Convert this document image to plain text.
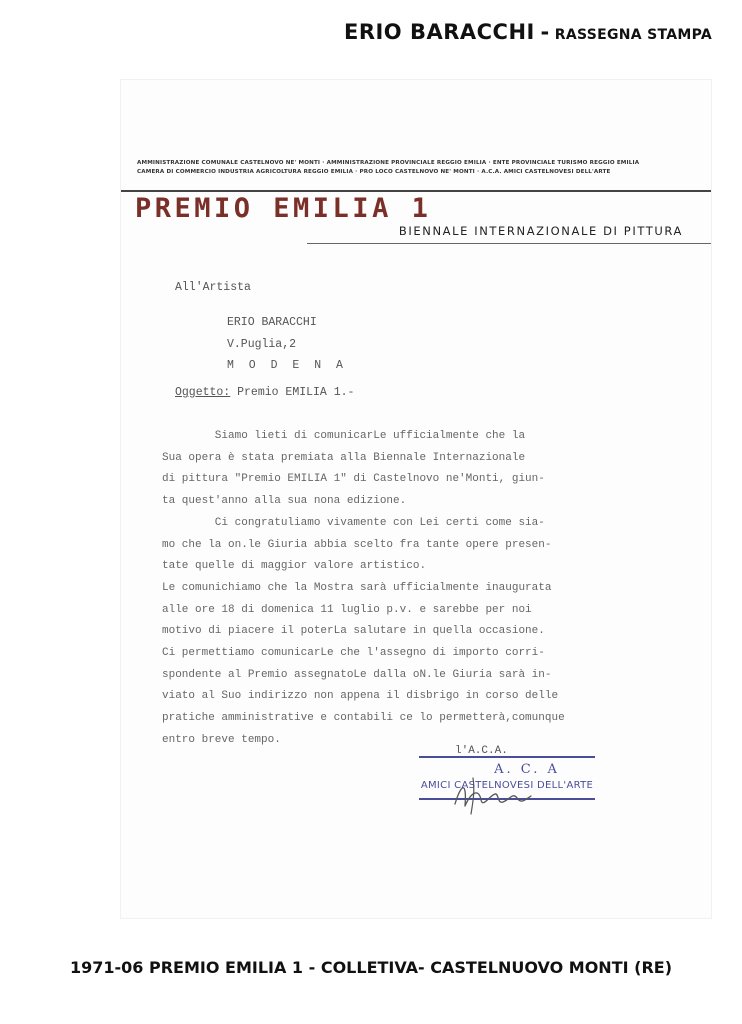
ERIO BARACCHI - RASSEGNA STAMPA
AMMINISTRAZIONE COMUNALE CASTELNOVO NE' MONTI · AMMINISTRAZIONE PROVINCIALE REGGIO EMILIA · ENTE PROVINCIALE TURISMO REGGIO EMILIA
CAMERA DI COMMERCIO INDUSTRIA AGRICOLTURA REGGIO EMILIA · PRO LOCO CASTELNOVO NE' MONTI · A.C.A. AMICI CASTELNOVESI DELL'ARTE
PREMIO EMILIA 1
BIENNALE INTERNAZIONALE DI PITTURA
All'Artista
ERIO BARACCHI
V.Puglia,2
M O D E N A
Oggetto: Premio EMILIA 1.-

Siamo lieti di comunicarLe ufficialmente che la

Sua opera è stata premiata alla Biennale Internazionale

di pittura "Premio EMILIA 1" di Castelnovo ne'Monti, giun-

ta quest'anno alla sua nona edizione.

Ci congratuliamo vivamente con Lei certi come sia-

mo che la on.le Giuria abbia scelto fra tante opere presen-

tate quelle di maggior valore artistico.

Le comunichiamo che la Mostra sarà ufficialmente inaugurata

alle ore 18 di domenica 11 luglio p.v. e sarebbe per noi

motivo di piacere il poterLa salutare in quella occasione.

Ci permettiamo comunicarLe che l'assegno di importo corri-

spondente al Premio assegnatoLe dalla oN.le Giuria sarà in-

viato al Suo indirizzo non appena il disbrigo in corso delle

pratiche amministrative e contabili ce lo permetterà,comunque

entro breve tempo.

l'A.C.A.
A. C. A
AMICI CASTELNOVESI DELL'ARTE
1971-06 PREMIO EMILIA 1 - COLLETIVA- CASTELNUOVO MONTI (RE)
